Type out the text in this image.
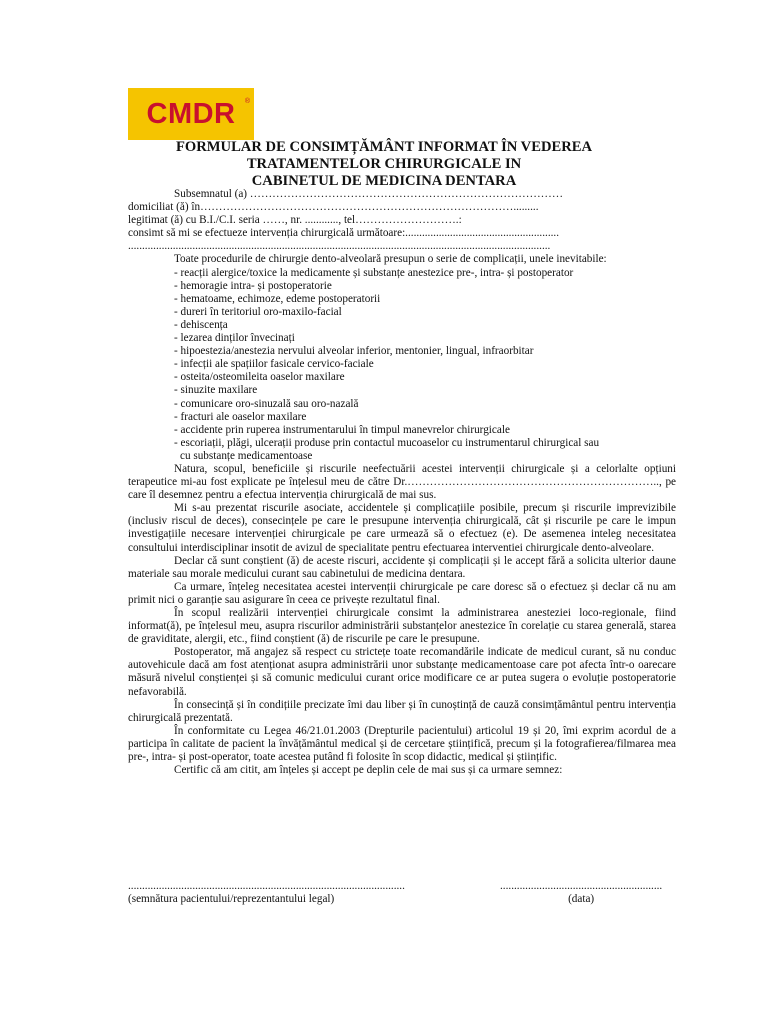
CMDR ®
FORMULAR DE CONSIMȚĂMÂNT INFORMAT ÎN VEDEREA
TRATAMENTELOR CHIRURGICALE IN
CABINETUL DE MEDICINA DENTARA
Subsemnatul (a) …………………………………………………………………………
domiciliat (ă) în………………………………………………………………………….........
legitimat (ă) cu B.I./C.I. seria ……, nr. ............, tel……………………….:
consimt să mi se efectueze intervenția chirurgicală următoare:.......................................................
.......................................................................................................................................................
Toate procedurile de chirurgie dento-alveolară presupun o serie de complicații, unele inevitabile:
- reacții alergice/toxice la medicamente și substanțe anestezice pre-, intra- și postoperator
- hemoragie intra- și postoperatorie
- hematoame, echimoze, edeme postoperatorii
- dureri în teritoriul oro-maxilo-facial
- dehiscența
- lezarea dinților învecinați
- hipoestezia/anestezia nervului alveolar inferior, mentonier, lingual, infraorbitar
- infecții ale spațiilor fasicale cervico-faciale
- osteita/osteomileita oaselor maxilare
- sinuzite maxilare
- comunicare oro-sinuzală sau oro-nazală
- fracturi ale oaselor maxilare
- accidente prin ruperea instrumentarului în timpul manevrelor chirurgicale
- escoriații, plăgi, ulcerații produse prin contactul mucoaselor cu instrumentarul chirurgical sau
cu substanțe medicamentoase

Natura, scopul, beneficiile și riscurile neefectuării acestei intervenții chirurgicale și a celorlalte opțiuni terapeutice mi-au fost explicate pe înțelesul meu de către Dr.………………………………………………………….., pe care îl desemnez pentru a efectua intervenția chirurgicală de mai sus.

Mi s-au prezentat riscurile asociate, accidentele și complicațiile posibile, precum și riscurile imprevizibile (inclusiv riscul de deces), consecințele pe care le presupune intervenția chirurgicală, cât și riscurile pe care le impun investigațiile necesare intervenției chirurgicale pe care urmează să o efectuez (e). De asemenea inteleg necesitatea consultului interdisciplinar insotit de avizul de specialitate pentru efectuarea interventiei chirurgicale dento-alveolare.

Declar că sunt conștient (ă) de aceste riscuri, accidente și complicații și le accept fără a solicita ulterior daune materiale sau morale medicului curant sau cabinetului de medicina dentara.

Ca urmare, înțeleg necesitatea acestei intervenții chirurgicale pe care doresc să o efectuez și declar că nu am primit nici o garanție sau asigurare în ceea ce privește rezultatul final.

În scopul realizării intervenției chirurgicale consimt la administrarea anesteziei loco-regionale, fiind informat(ă), pe înțelesul meu, asupra riscurilor administrării substanțelor anestezice în corelație cu starea generală, starea de graviditate, alergii, etc., fiind conștient (ă) de riscurile pe care le presupune.

Postoperator, mă angajez să respect cu strictețe toate recomandările indicate de medicul curant, să nu conduc autovehicule dacă am fost atenționat asupra administrării unor substanțe medicamentoase care pot afecta într-o oarecare măsură nivelul conștienței și să comunic medicului curant orice modificare ce ar putea sugera o evoluție postoperatorie nefavorabilă.

În consecință și în condițiile precizate îmi dau liber și în cunoștință de cauză consimțământul pentru intervenția chirurgicală prezentată.

În conformitate cu Legea 46/21.01.2003 (Drepturile pacientului) articolul 19 și 20, îmi exprim acordul de a participa în calitate de pacient la învățământul medical și de cercetare științifică, precum și la fotografierea/filmarea mea pre-, intra- și post-operator, toate acestea putând fi folosite în scop didactic, medical și științific.

Certific că am citit, am înțeles și accept pe deplin cele de mai sus și ca urmare semnez:

...................................................................................................
(semnătura pacientului/reprezentantului legal)
..........................................................
(data)
